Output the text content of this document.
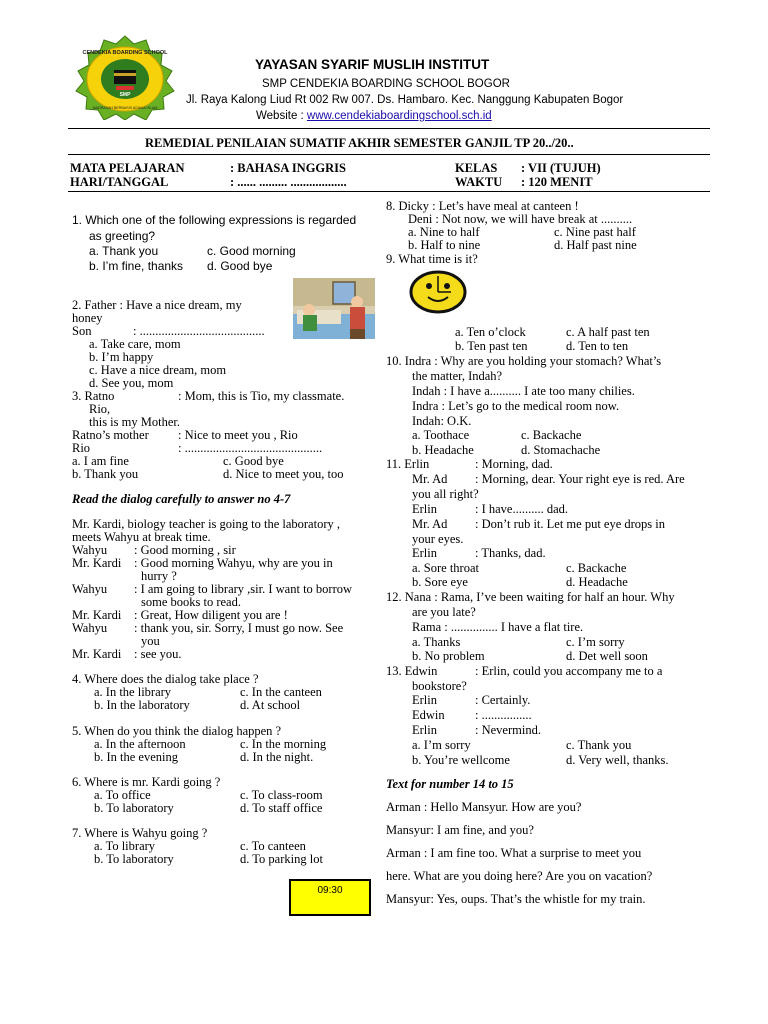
SMP
CENDEKIA BOARDING SCHOOL
MADRASAH BERBASIS AGAMA ISLAM
YAYASAN SYARIF MUSLIH INSTITUT
SMP CENDEKIA BOARDING SCHOOL BOGOR
Jl. Raya Kalong Liud Rt 002 Rw 007. Ds. Hambaro. Kec. Nanggung Kabupaten Bogor
Website : www.cendekiaboardingschool.sch.id
REMEDIAL PENILAIAN SUMATIF AKHIR SEMESTER GANJIL TP 20../20..
MATA PELAJARAN	: BAHASA INGGRIS
HARI/TANGGAL	: ...... ......... ..................
KELAS : VII (TUJUH)
WAKTU : 120 MENIT
1. Which one of the following expressions is regarded
as greeting?
a. Thank you	c. Good morning
b. I’m fine, thanks d. Good bye
2. Father : Have a nice dream, my
honey
Son	: ........................................
a. Take care, mom
b. I’m happy
c. Have a nice dream, mom
d. See you, mom
3. Ratno	: Mom, this is Tio, my classmate.
Rio,
this is my Mother.
Ratno’s mother : Nice to meet you , Rio
Rio	: ............................................
a. I am fine	c. Good bye
b. Thank you	d. Nice to meet you, too
Read the dialog carefully to answer no 4-7
Mr. Kardi, biology teacher is going to the laboratory ,
meets Wahyu at break time.
Wahyu : Good morning , sir
Mr. Kardi : Good morning Wahyu, why are you in
hurry ?
Wahyu : I am going to library ,sir. I want to borrow
some books to read.
Mr. Kardi : Great, How diligent you are !
Wahyu : thank you, sir. Sorry, I must go now. See
you
Mr. Kardi : see you.
4. Where does the dialog take place ?
a. In the library	c. In the canteen
b. In the laboratory	d. At school
5. When do you think the dialog happen ?
a. In the afternoon	c. In the morning
b. In the evening	d. In the night.
6. Where is mr. Kardi going ?
a. To office	c. To class-room
b. To laboratory	d. To staff office
7. Where is Wahyu going ?
a. To library	c. To canteen
b. To laboratory	d. To parking lot
09:30
8. Dicky : Let’s have meal at canteen !
Deni : Not now, we will have break at ..........
a. Nine to half	c. Nine past half
b. Half to nine	d. Half past nine
9. What time is it?
a. Ten o’clock	c. A half past ten
b. Ten past ten	d. Ten to ten
10. Indra : Why are you holding your stomach? What’s
the matter, Indah?
Indah : I have a.......... I ate too many chilies.
Indra : Let’s go to the medical room now.
Indah: O.K.
a. Toothace	c. Backache
b. Headache	d. Stomachache
11. Erlin	: Morning, dad.
Mr. Ad : Morning, dear. Your right eye is red. Are
you all right?
Erlin	: I have.......... dad.
Mr. Ad : Don’t rub it. Let me put eye drops in
your eyes.
Erlin	: Thanks, dad.
a. Sore throat	c. Backache
b. Sore eye	d. Headache
12. Nana : Rama, I’ve been waiting for half an hour. Why
are you late?
Rama : ............... I have a flat tire.
a. Thanks	c. I’m sorry
b. No problem	d. Det well soon
13. Edwin	: Erlin, could you accompany me to a
bookstore?
Erlin	: Certainly.
Edwin : ................
Erlin	: Nevermind.
a. I’m sorry	c. Thank you
b. You’re wellcome	d. Very well, thanks.
Text for number 14 to 15
Arman : Hello Mansyur. How are you?
Mansyur: I am fine, and you?
Arman : I am fine too. What a surprise to meet you
here. What are you doing here? Are you on vacation?
Mansyur: Yes, oups. That’s the whistle for my train.
